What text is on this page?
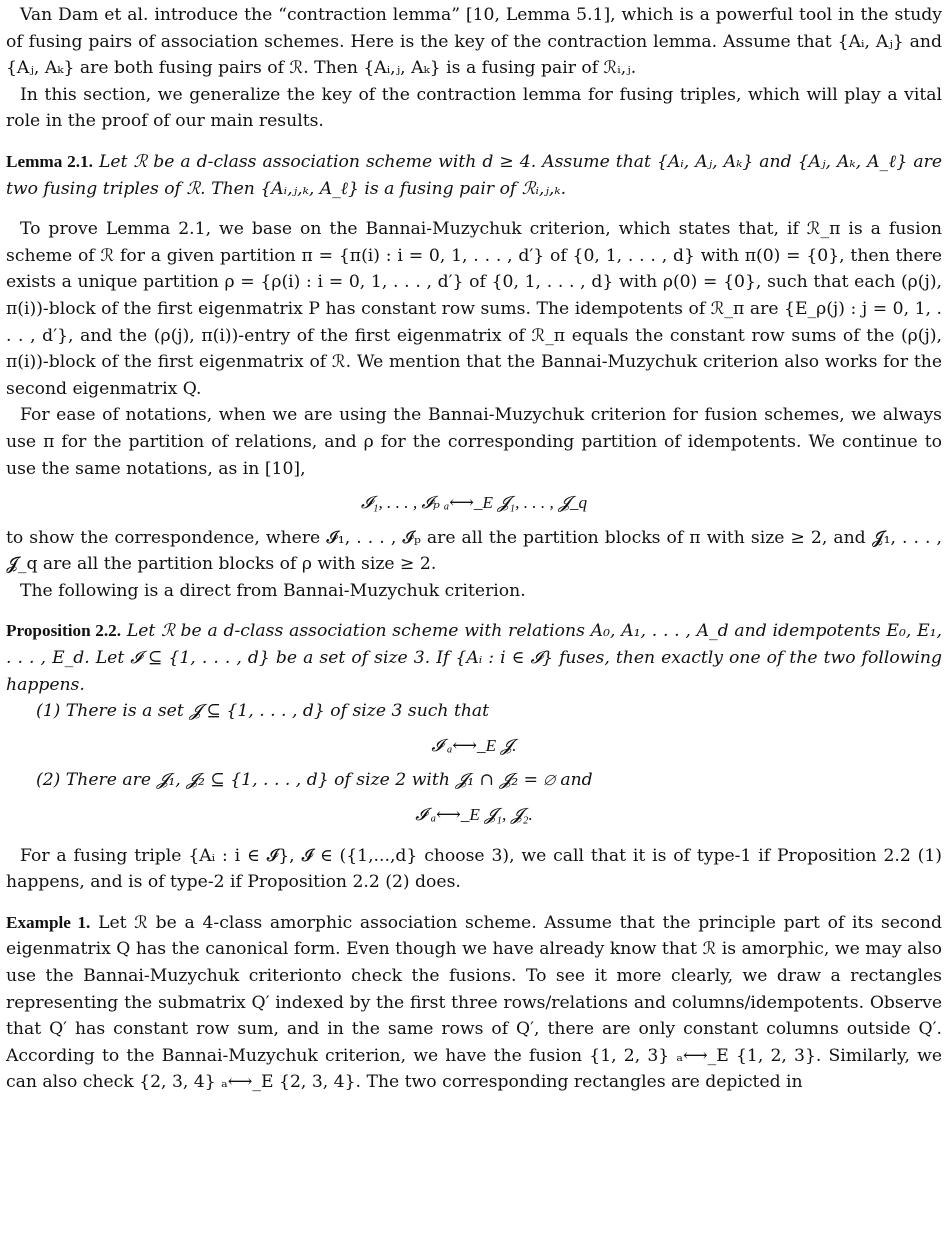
Van Dam et al. introduce the “contraction lemma” [10, Lemma 5.1], which is a powerful tool in the study of fusing pairs of association schemes. Here is the key of the contraction lemma. Assume that {Aᵢ, Aⱼ} and {Aⱼ, Aₖ} are both fusing pairs of ℛ. Then {Aᵢ,ⱼ, Aₖ} is a fusing pair of ℛᵢ,ⱼ.

In this section, we generalize the key of the contraction lemma for fusing triples, which will play a vital role in the proof of our main results.

Lemma 2.1. Let ℛ be a d-class association scheme with d ≥ 4. Assume that {Aᵢ, Aⱼ, Aₖ} and {Aⱼ, Aₖ, A_ℓ} are two fusing triples of ℛ. Then {Aᵢ,ⱼ,ₖ, A_ℓ} is a fusing pair of ℛᵢ,ⱼ,ₖ.

To prove Lemma 2.1, we base on the Bannai-Muzychuk criterion, which states that, if ℛ_π is a fusion scheme of ℛ for a given partition π = {π(i) : i = 0, 1, . . . , d′} of {0, 1, . . . , d} with π(0) = {0}, then there exists a unique partition ρ = {ρ(i) : i = 0, 1, . . . , d′} of {0, 1, . . . , d} with ρ(0) = {0}, such that each (ρ(j), π(i))-block of the first eigenmatrix P has constant row sums. The idempotents of ℛ_π are {E_ρ(j) : j = 0, 1, . . . , d′}, and the (ρ(j), π(i))-entry of the first eigenmatrix of ℛ_π equals the constant row sums of the (ρ(j), π(i))-block of the first eigenmatrix of ℛ. We mention that the Bannai-Muzychuk criterion also works for the second eigenmatrix Q.

For ease of notations, when we are using the Bannai-Muzychuk criterion for fusion schemes, we always use π for the partition of relations, and ρ for the corresponding partition of idempotents. We continue to use the same notations, as in [10],

𝓘₁, . . . , 𝓘ₚ ₐ⟷_E 𝓙₁, . . . , 𝓙_q

to show the correspondence, where 𝓘₁, . . . , 𝓘ₚ are all the partition blocks of π with size ≥ 2, and 𝓙₁, . . . , 𝓙_q are all the partition blocks of ρ with size ≥ 2.

The following is a direct from Bannai-Muzychuk criterion.

Proposition 2.2. Let ℛ be a d-class association scheme with relations A₀, A₁, . . . , A_d and idempotents E₀, E₁, . . . , E_d. Let 𝓘 ⊆ {1, . . . , d} be a set of size 3. If {Aᵢ : i ∈ 𝓘} fuses, then exactly one of the two following happens.

(1) There is a set 𝓙 ⊆ {1, . . . , d} of size 3 such that

𝓘 ₐ⟷_E 𝓙.

(2) There are 𝓙₁, 𝓙₂ ⊆ {1, . . . , d} of size 2 with 𝓙₁ ∩ 𝓙₂ = ∅ and

𝓘 ₐ⟷_E 𝓙₁, 𝓙₂.

For a fusing triple {Aᵢ : i ∈ 𝓘}, 𝓘 ∈ ({1,...,d} choose 3), we call that it is of type-1 if Proposition 2.2 (1) happens, and is of type-2 if Proposition 2.2 (2) does.

Example 1. Let ℛ be a 4-class amorphic association scheme. Assume that the principle part of its second eigenmatrix Q has the canonical form. Even though we have already know that ℛ is amorphic, we may also use the Bannai-Muzychuk criterionto check the fusions. To see it more clearly, we draw a rectangles representing the submatrix Q′ indexed by the first three rows/relations and columns/idempotents. Observe that Q′ has constant row sum, and in the same rows of Q′, there are only constant columns outside Q′. According to the Bannai-Muzychuk criterion, we have the fusion {1, 2, 3} ₐ⟷_E {1, 2, 3}. Similarly, we can also check {2, 3, 4} ₐ⟷_E {2, 3, 4}. The two corresponding rectangles are depicted in
